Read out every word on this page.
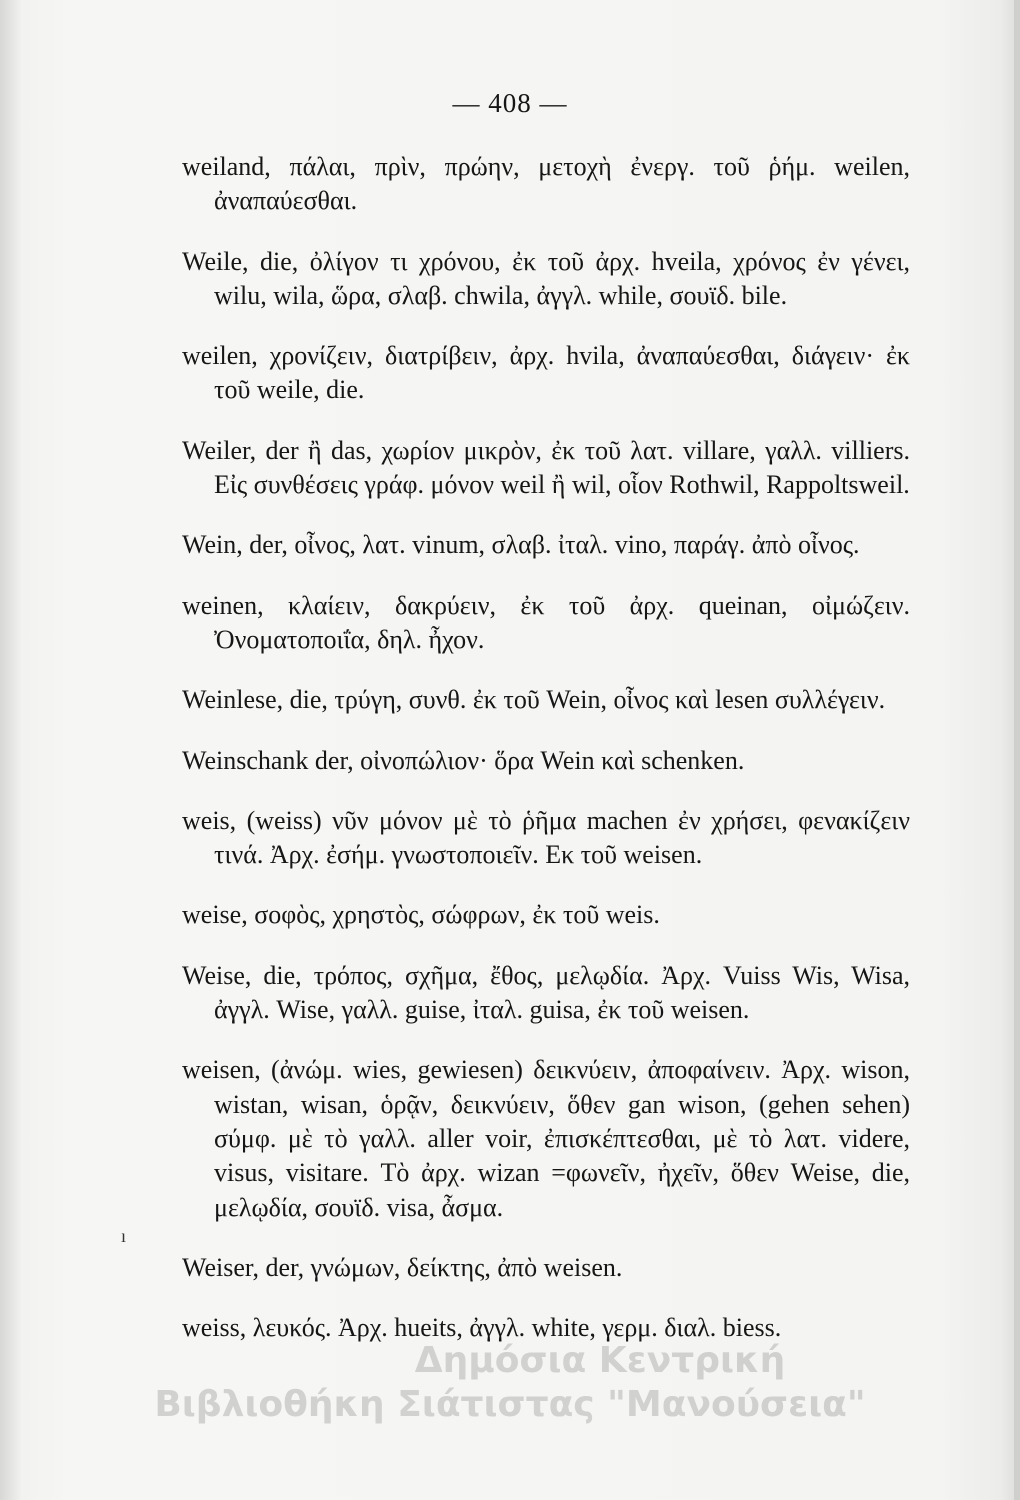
— 408 —

weiland, πάλαι, πρὶν, πρώην, μετοχὴ ἐνεργ. τοῦ ῥήμ. weilen, ἀναπαύεσθαι.

Weile, die, ὀλίγον τι χρόνου, ἐκ τοῦ ἀρχ. hveila, χρόνος ἐν γένει, wilu, wila, ὥρα, σλαβ. chwila, ἀγγλ. while, σουϊδ. bile.

weilen, χρονίζειν, διατρίβειν, ἀρχ. hvila, ἀναπαύεσθαι, διάγειν· ἐκ τοῦ weile, die.

Weiler, der ἢ das, χωρίον μικρὸν, ἐκ τοῦ λατ. villare, γαλλ. villiers. Εἰς συνθέσεις γράφ. μόνον weil ἢ wil, οἷον Rothwil, Rappoltsweil.

Wein, der, οἶνος, λατ. vinum, σλαβ. ἰταλ. vino, παράγ. ἀπὸ οἶνος.

weinen, κλαίειν, δακρύειν, ἐκ τοῦ ἀρχ. queinan, οἰμώζειν. Ὀνοματοποιΐα, δηλ. ἦχον.

Weinlese, die, τρύγη, συνθ. ἐκ τοῦ Wein, οἶνος καὶ lesen συλλέγειν.

Weinschank der, οἰνοπώλιον· ὅρα Wein καὶ schenken.

weis, (weiss) νῦν μόνον μὲ τὸ ῥῆμα machen ἐν χρήσει, φενακίζειν τινά. Ἀρχ. ἐσήμ. γνωστοποιεῖν. Εκ τοῦ weisen.

weise, σοφὸς, χρηστὸς, σώφρων, ἐκ τοῦ weis.

Weise, die, τρόπος, σχῆμα, ἔθος, μελῳδία. Ἀρχ. Vuiss Wis, Wisa, ἀγγλ. Wise, γαλλ. guise, ἰταλ. guisa, ἐκ τοῦ weisen.

weisen, (ἀνώμ. wies, gewiesen) δεικνύειν, ἀποφαίνειν. Ἀρχ. wison, wistan, wisan, ὁρᾷν, δεικνύειν, ὅθεν gan wison, (gehen sehen) σύμφ. μὲ τὸ γαλλ. aller voir, ἐπισκέπτεσθαι, μὲ τὸ λατ. videre, visus, visitare. Τὸ ἀρχ. wizan =φωνεῖν, ἠχεῖν, ὅθεν Weise, die, μελῳδία, σουϊδ. visa, ἆσμα.

Weiser, der, γνώμων, δείκτης, ἀπὸ weisen.

weiss, λευκός. Ἀρχ. hueits, ἀγγλ. white, γερμ. διαλ. biess.

ı
Δημόσια Κεντρική
Βιβλιοθήκη Σιάτιστας "Μανούσεια"
